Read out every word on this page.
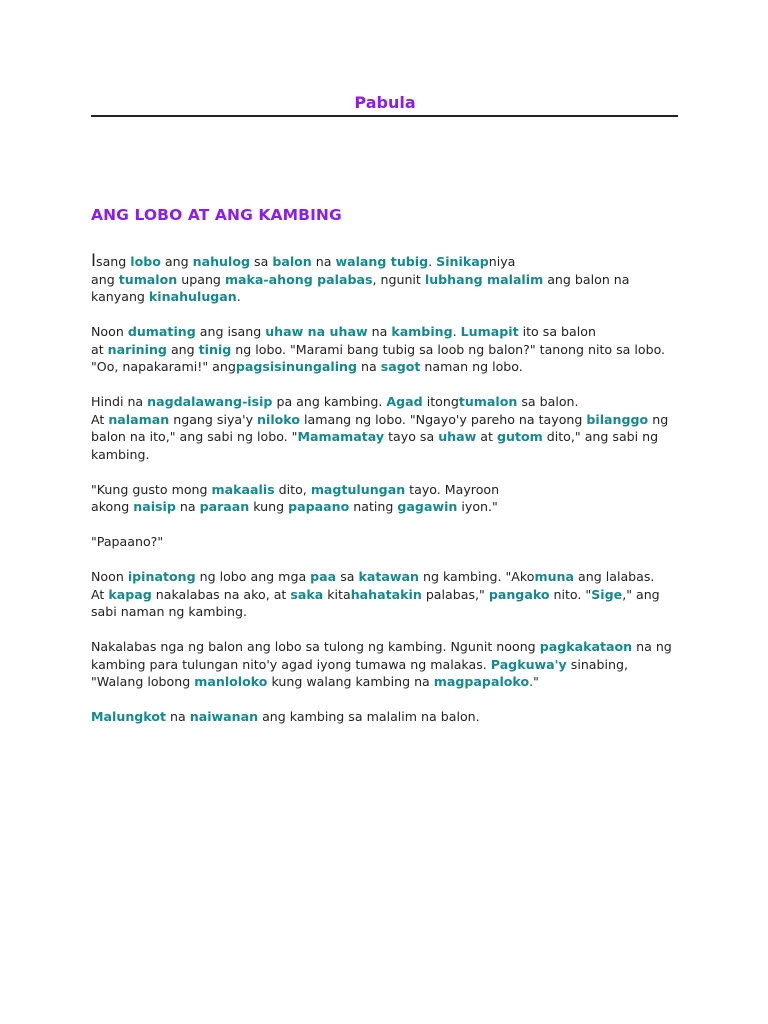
Pabula
ANG LOBO AT ANG KAMBING
Isang lobo ang nahulog sa balon na walang tubig. Sinikapniya
ang tumalon upang maka-ahong palabas, ngunit lubhang malalim ang balon na
kanyang kinahulugan.
Noon dumating ang isang uhaw na uhaw na kambing. Lumapit ito sa balon
at narining ang tinig ng lobo. "Marami bang tubig sa loob ng balon?" tanong nito sa lobo.
"Oo, napakarami!" angpagsisinungaling na sagot naman ng lobo.
Hindi na nagdalawang-isip pa ang kambing. Agad itongtumalon sa balon.
At nalaman ngang siya'y niloko lamang ng lobo. "Ngayo'y pareho na tayong bilanggo ng
balon na ito," ang sabi ng lobo. "Mamamatay tayo sa uhaw at gutom dito," ang sabi ng
kambing.
"Kung gusto mong makaalis dito, magtulungan tayo. Mayroon
akong naisip na paraan kung papaano nating gagawin iyon."
"Papaano?"
Noon ipinatong ng lobo ang mga paa sa katawan ng kambing. "Akomuna ang lalabas.
At kapag nakalabas na ako, at saka kitahahatakin palabas," pangako nito. "Sige," ang
sabi naman ng kambing.
Nakalabas nga ng balon ang lobo sa tulong ng kambing. Ngunit noong pagkakataon na ng
kambing para tulungan nito'y agad iyong tumawa ng malakas. Pagkuwa'y sinabing,
"Walang lobong manloloko kung walang kambing na magpapaloko."
Malungkot na naiwanan ang kambing sa malalim na balon.
